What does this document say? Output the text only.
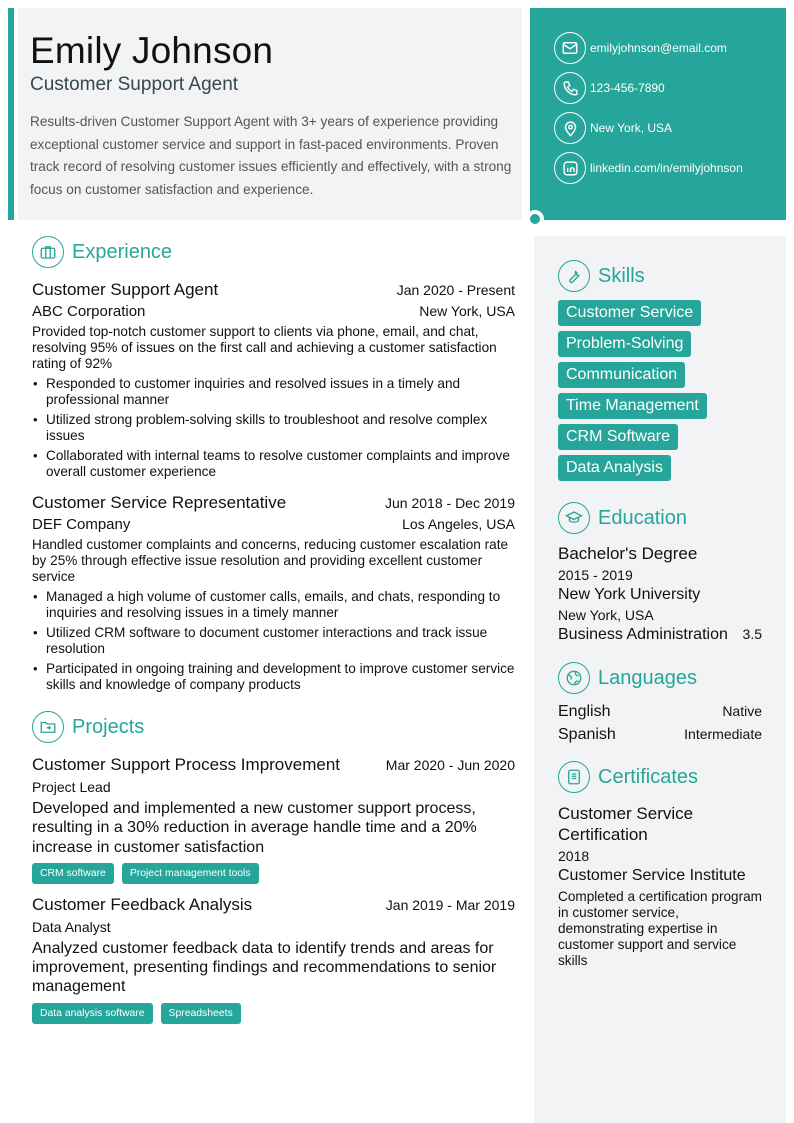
Emily Johnson
Customer Support Agent
Results-driven Customer Support Agent with 3+ years of experience providing exceptional customer service and support in fast-paced environments. Proven track record of resolving customer issues efficiently and effectively, with a strong focus on customer satisfaction and experience.
emilyjohnson@email.com
123-456-7890
New York, USA
linkedin.com/in/emilyjohnson
Experience
Customer Support Agent	Jan 2020 - Present
ABC Corporation	New York, USA
Provided top-notch customer support to clients via phone, email, and chat, resolving 95% of issues on the first call and achieving a customer satisfaction rating of 92%
• Responded to customer inquiries and resolved issues in a timely and professional manner
• Utilized strong problem-solving skills to troubleshoot and resolve complex issues
• Collaborated with internal teams to resolve customer complaints and improve overall customer experience
Customer Service Representative	Jun 2018 - Dec 2019
DEF Company	Los Angeles, USA
Handled customer complaints and concerns, reducing customer escalation rate by 25% through effective issue resolution and providing excellent customer service
• Managed a high volume of customer calls, emails, and chats, responding to inquiries and resolving issues in a timely manner
• Utilized CRM software to document customer interactions and track issue resolution
• Participated in ongoing training and development to improve customer service skills and knowledge of company products
Projects
Customer Support Process Improvement	Mar 2020 - Jun 2020
Project Lead
Developed and implemented a new customer support process, resulting in a 30% reduction in average handle time and a 20% increase in customer satisfaction
CRM software	Project management tools
Customer Feedback Analysis	Jan 2019 - Mar 2019
Data Analyst
Analyzed customer feedback data to identify trends and areas for improvement, presenting findings and recommendations to senior management
Data analysis software	Spreadsheets
Skills
Customer Service
Problem-Solving
Communication
Time Management
CRM Software
Data Analysis
Education
Bachelor's Degree
2015 - 2019
New York University
New York, USA
Business Administration 3.5
Languages
English	Native
Spanish	Intermediate
Certificates
Customer Service Certification
2018
Customer Service Institute
Completed a certification program in customer service, demonstrating expertise in customer support and service skills
